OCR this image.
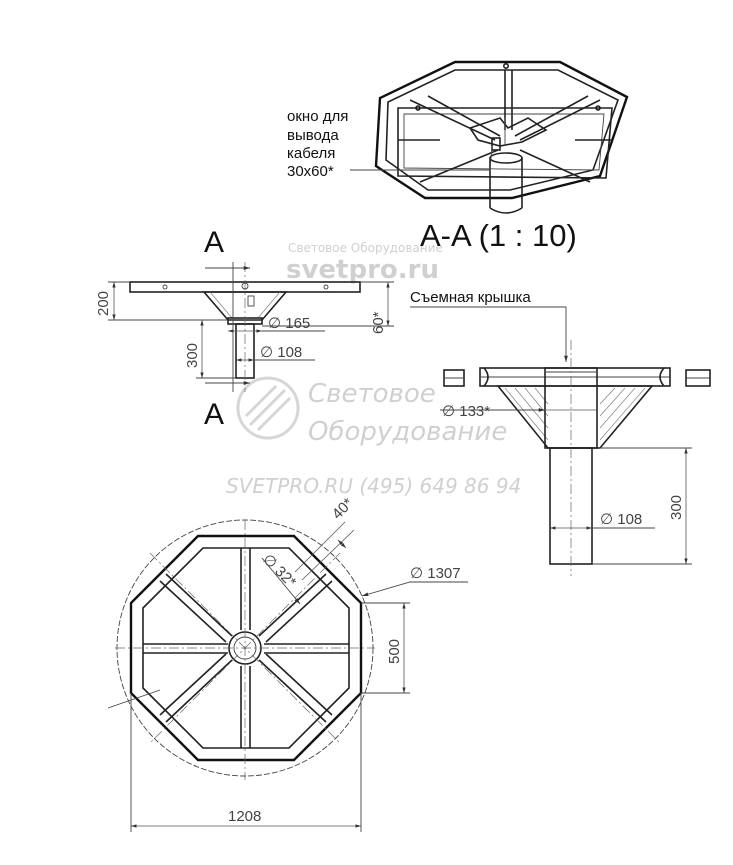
Световое Оборудование
svetpro.ru
Световое
Оборудование
SVETPRO.RU (495) 649 86 94
окно для
вывода
кабеля
30x60*
A-A (1 : 10)
A
A
200
60*
∅ 165
300	∅ 108
Съемная крышка
∅ 133*
∅ 108 300
40*
∅ 32*	∅ 1307
500
1208
